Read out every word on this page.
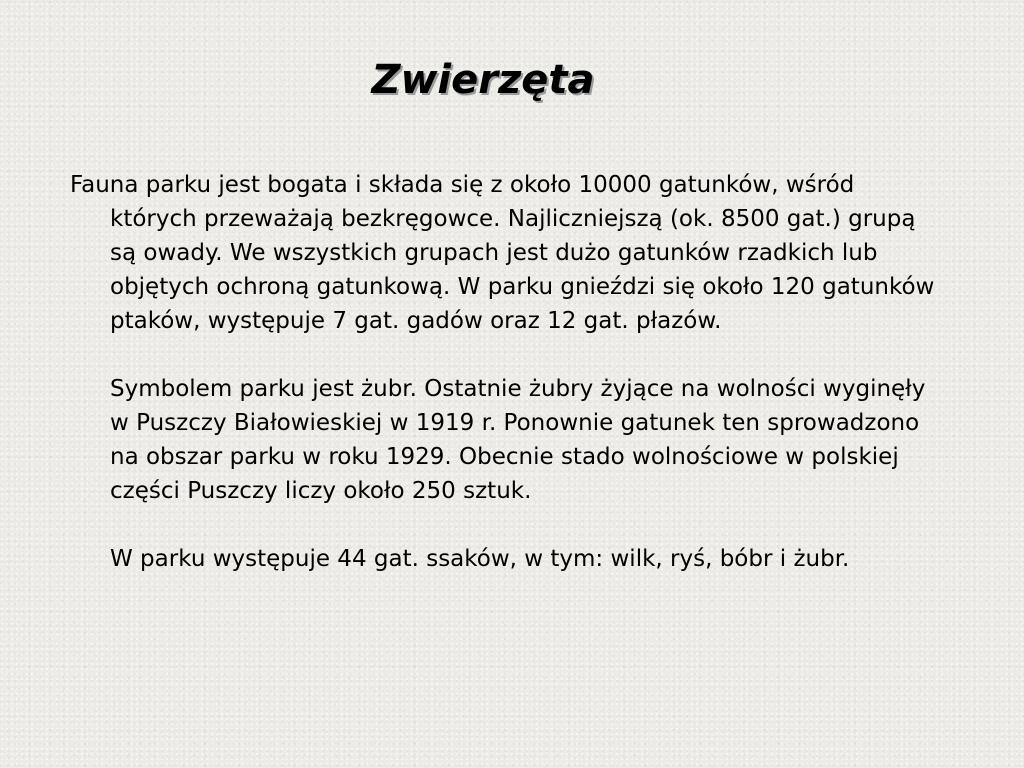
Zwierzęta

Fauna parku jest bogata i składa się z około 10000 gatunków, wśród których przeważają bezkręgowce. Najliczniejszą (ok. 8500 gat.) grupą są owady. We wszystkich grupach jest dużo gatunków rzadkich lub objętych ochroną gatunkową. W parku gnieździ się około 120 gatunków ptaków, występuje 7 gat. gadów oraz 12 gat. płazów.

Symbolem parku jest żubr. Ostatnie żubry żyjące na wolności wyginęły w Puszczy Białowieskiej w 1919 r. Ponownie gatunek ten sprowadzono na obszar parku w roku 1929. Obecnie stado wolnościowe w polskiej części Puszczy liczy około 250 sztuk.

W parku występuje 44 gat. ssaków, w tym: wilk, ryś, bóbr i żubr.
